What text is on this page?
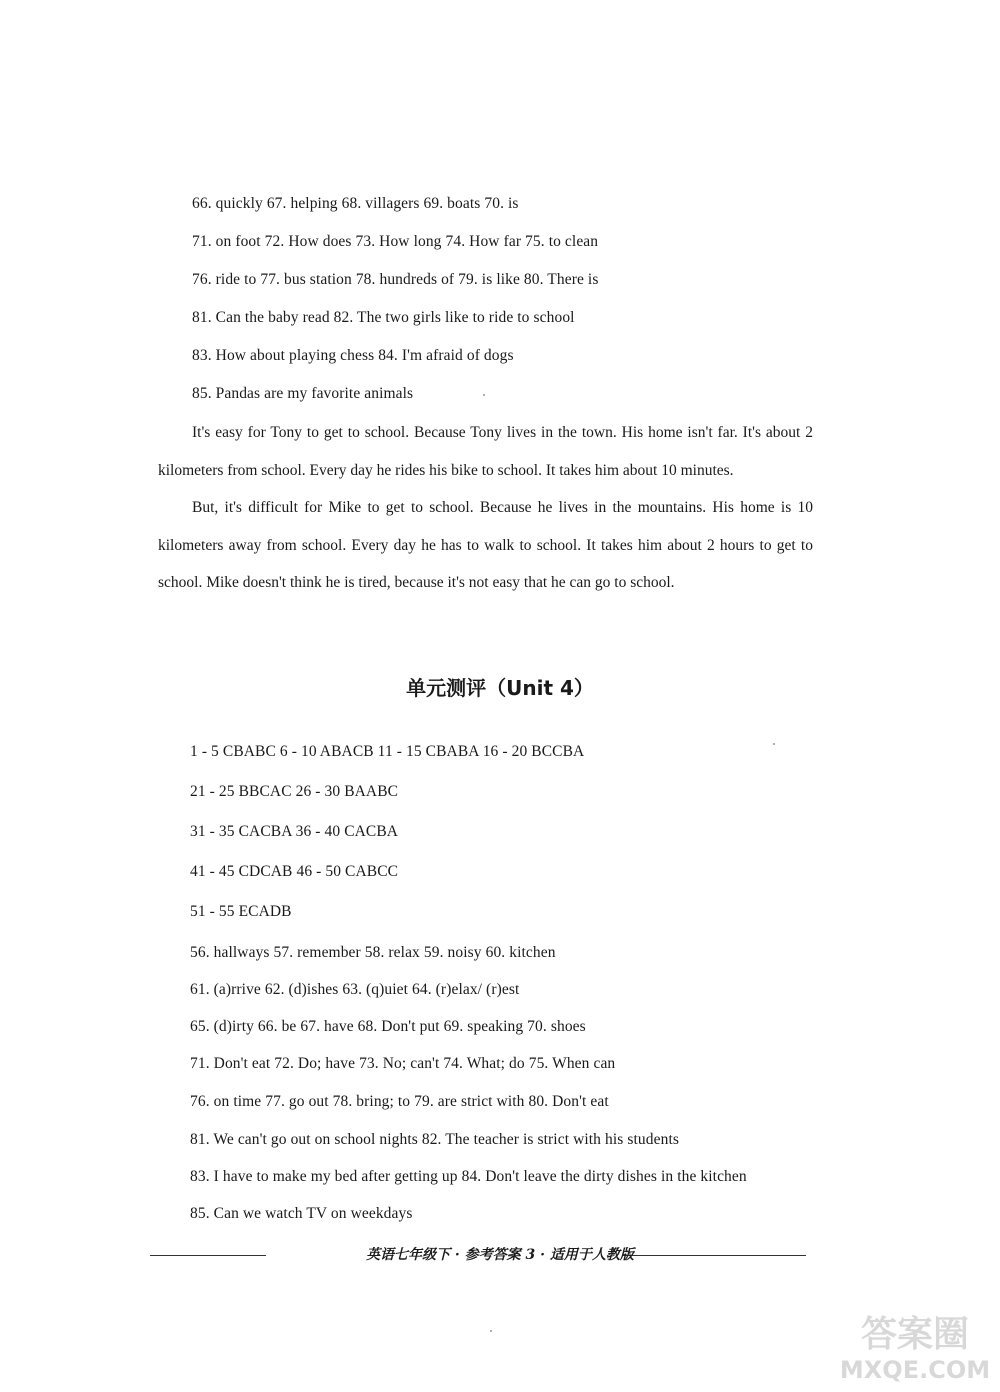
66. quickly 67. helping 68. villagers 69. boats 70. is
71. on foot 72. How does 73. How long 74. How far 75. to clean
76. ride to 77. bus station 78. hundreds of 79. is like 80. There is
81. Can the baby read 82. The two girls like to ride to school
83. How about playing chess 84. I'm afraid of dogs
85. Pandas are my favorite animals

It's easy for Tony to get to school. Because Tony lives in the town. His home isn't far. It's about 2 kilometers from school. Every day he rides his bike to school. It takes him about 10 minutes.

But, it's difficult for Mike to get to school. Because he lives in the mountains. His home is 10 kilometers away from school. Every day he has to walk to school. It takes him about 2 hours to get to school. Mike doesn't think he is tired, because it's not easy that he can go to school.

单元测评（Unit 4）
1 - 5 CBABC 6 - 10 ABACB 11 - 15 CBABA 16 - 20 BCCBA
21 - 25 BBCAC 26 - 30 BAABC
31 - 35 CACBA 36 - 40 CACBA
41 - 45 CDCAB 46 - 50 CABCC
51 - 55 ECADB
56. hallways 57. remember 58. relax 59. noisy 60. kitchen
61. (a)rrive 62. (d)ishes 63. (q)uiet 64. (r)elax/ (r)est
65. (d)irty 66. be 67. have 68. Don't put 69. speaking 70. shoes
71. Don't eat 72. Do; have 73. No; can't 74. What; do 75. When can
76. on time 77. go out 78. bring; to 79. are strict with 80. Don't eat
81. We can't go out on school nights 82. The teacher is strict with his students
83. I have to make my bed after getting up 84. Don't leave the dirty dishes in the kitchen
85. Can we watch TV on weekdays
英语七年级下 · 参考答案 3 · 适用于人教版
答案圈
MXQE.COM
